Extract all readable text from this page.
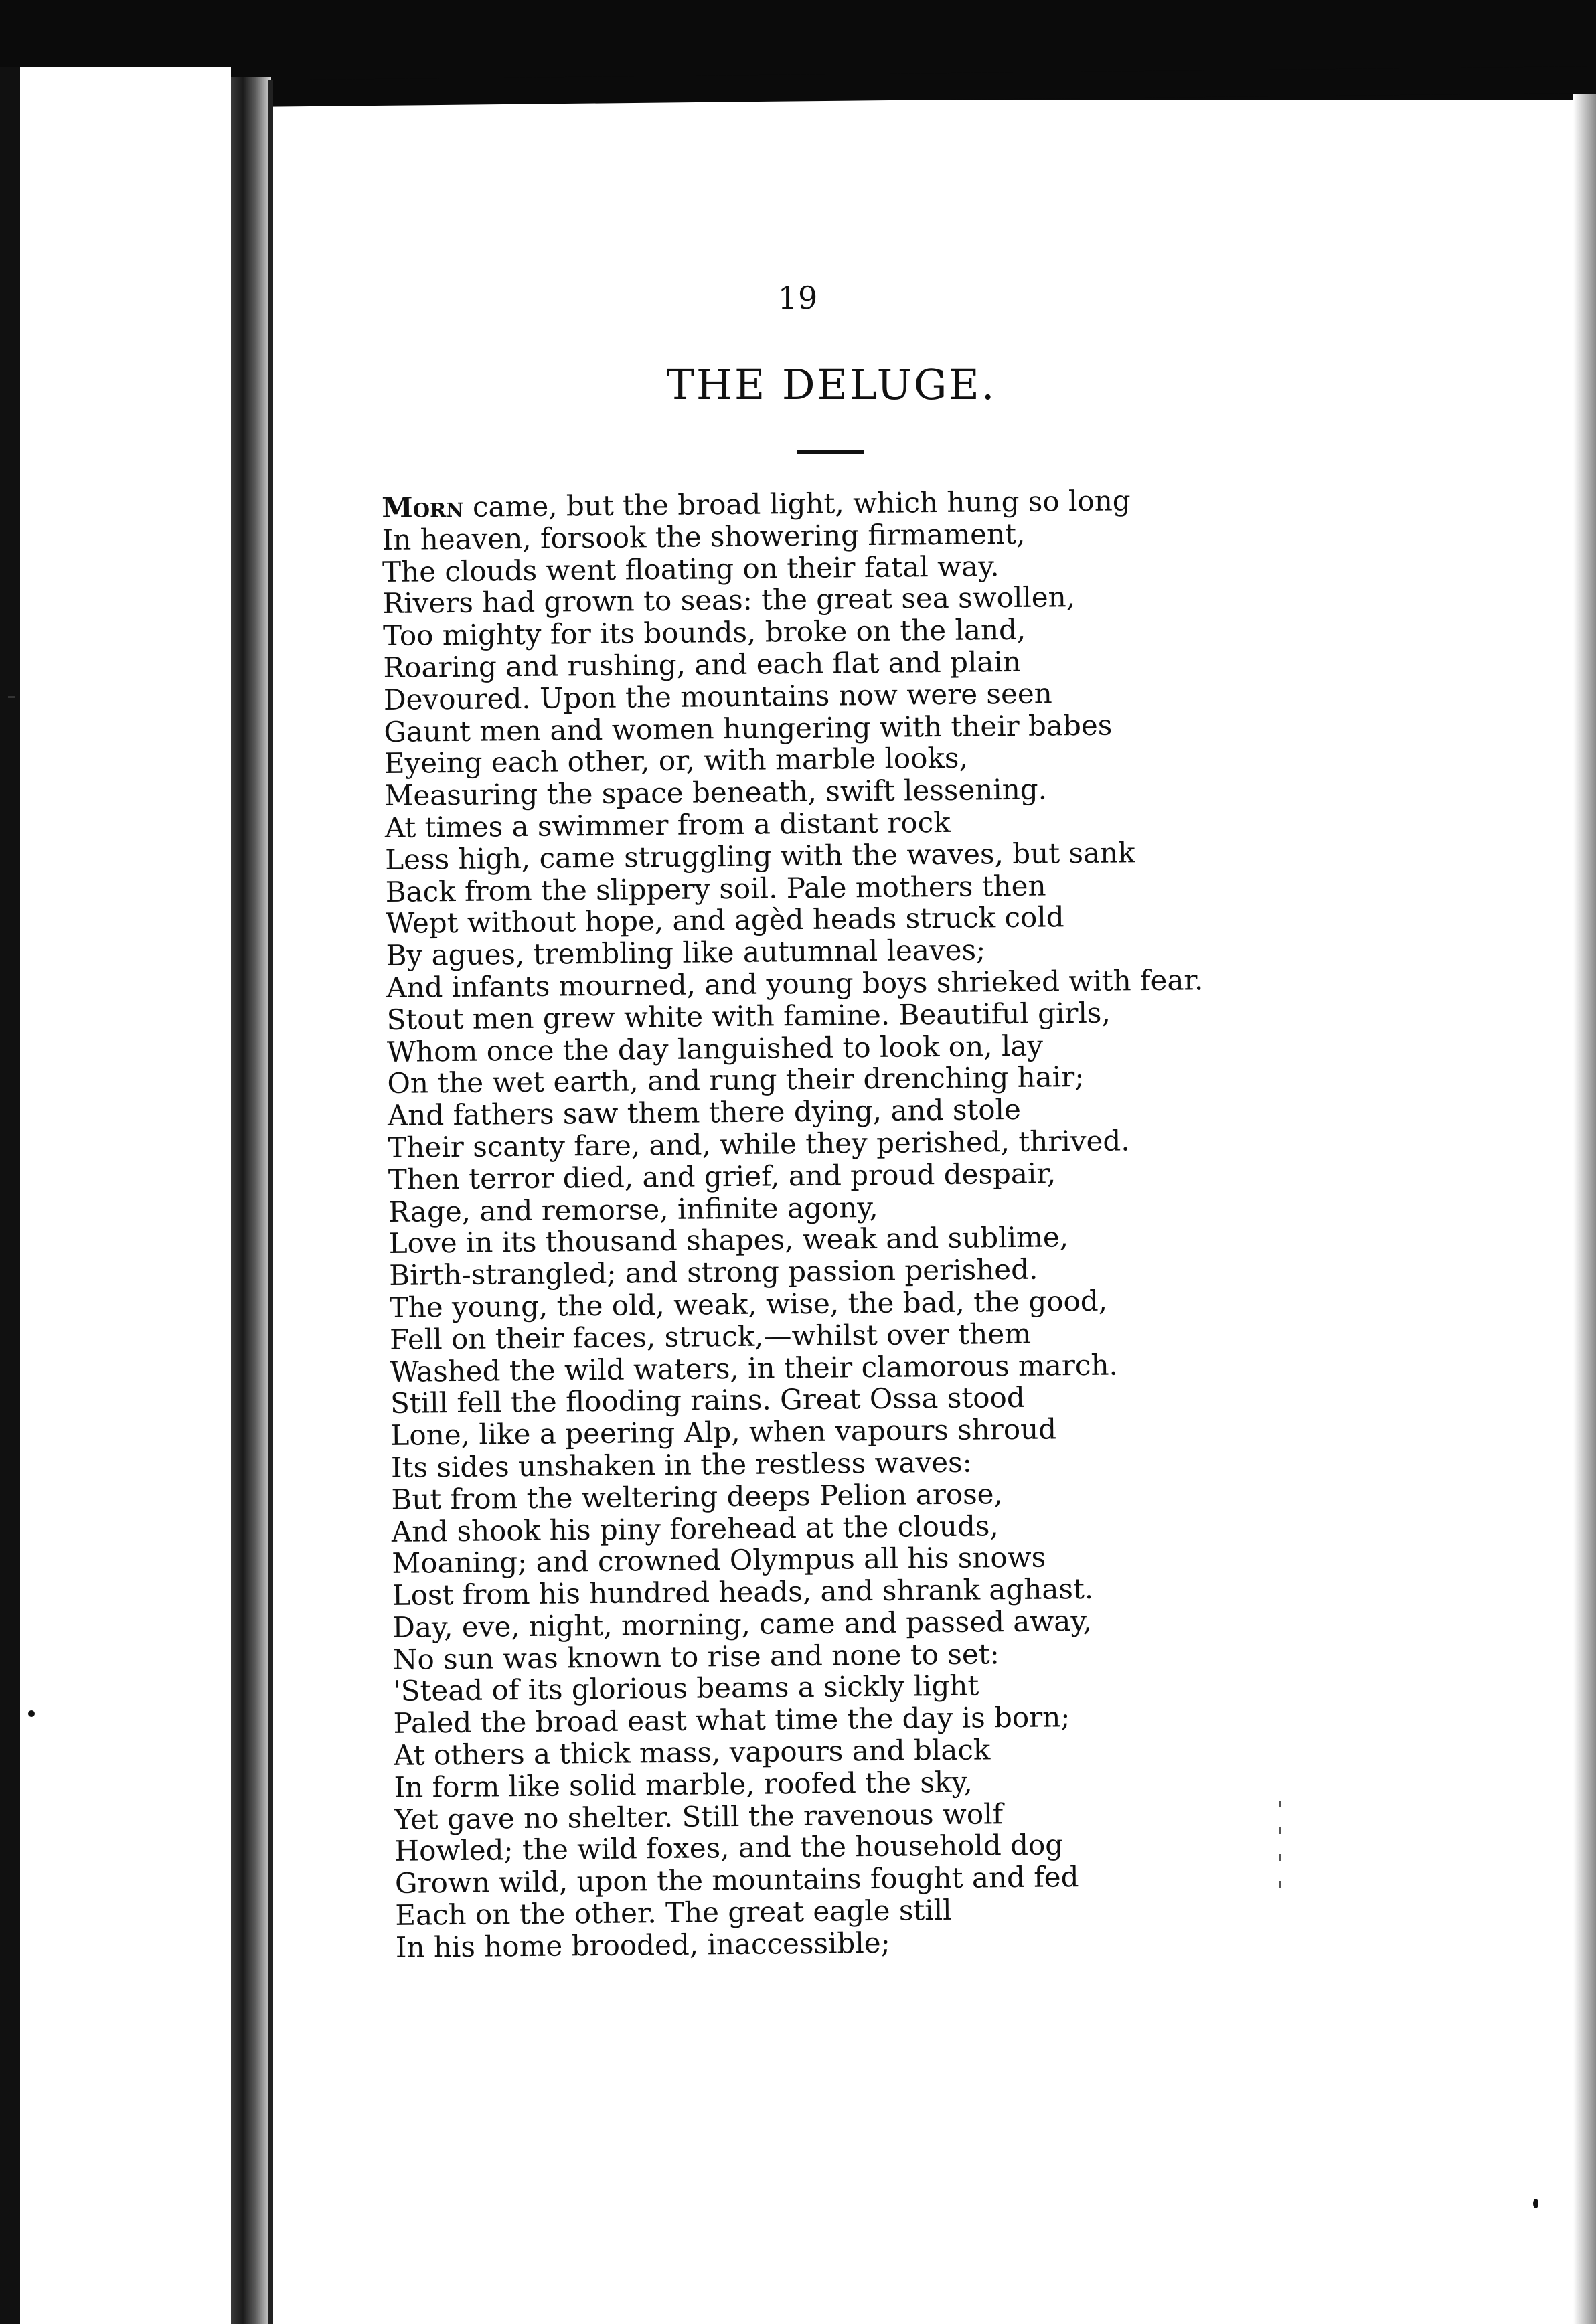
19
THE DELUGE.
Morn came, but the broad light, which hung so long
In heaven, forsook the showering firmament,
The clouds went floating on their fatal way.
Rivers had grown to seas: the great sea swollen,
Too mighty for its bounds, broke on the land,
Roaring and rushing, and each flat and plain
Devoured. Upon the mountains now were seen
Gaunt men and women hungering with their babes
Eyeing each other, or, with marble looks,
Measuring the space beneath, swift lessening.
At times a swimmer from a distant rock
Less high, came struggling with the waves, but sank
Back from the slippery soil. Pale mothers then
Wept without hope, and agèd heads struck cold
By agues, trembling like autumnal leaves;
And infants mourned, and young boys shrieked with fear.
Stout men grew white with famine. Beautiful girls,
Whom once the day languished to look on, lay
On the wet earth, and rung their drenching hair;
And fathers saw them there dying, and stole
Their scanty fare, and, while they perished, thrived.
Then terror died, and grief, and proud despair,
Rage, and remorse, infinite agony,
Love in its thousand shapes, weak and sublime,
Birth-strangled; and strong passion perished.
The young, the old, weak, wise, the bad, the good,
Fell on their faces, struck,—whilst over them
Washed the wild waters, in their clamorous march.
Still fell the flooding rains. Great Ossa stood
Lone, like a peering Alp, when vapours shroud
Its sides unshaken in the restless waves:
But from the weltering deeps Pelion arose,
And shook his piny forehead at the clouds,
Moaning; and crowned Olympus all his snows
Lost from his hundred heads, and shrank aghast.
Day, eve, night, morning, came and passed away,
No sun was known to rise and none to set:
'Stead of its glorious beams a sickly light
Paled the broad east what time the day is born;
At others a thick mass, vapours and black
In form like solid marble, roofed the sky,
Yet gave no shelter. Still the ravenous wolf
Howled; the wild foxes, and the household dog
Grown wild, upon the mountains fought and fed
Each on the other. The great eagle still
In his home brooded, inaccessible;
